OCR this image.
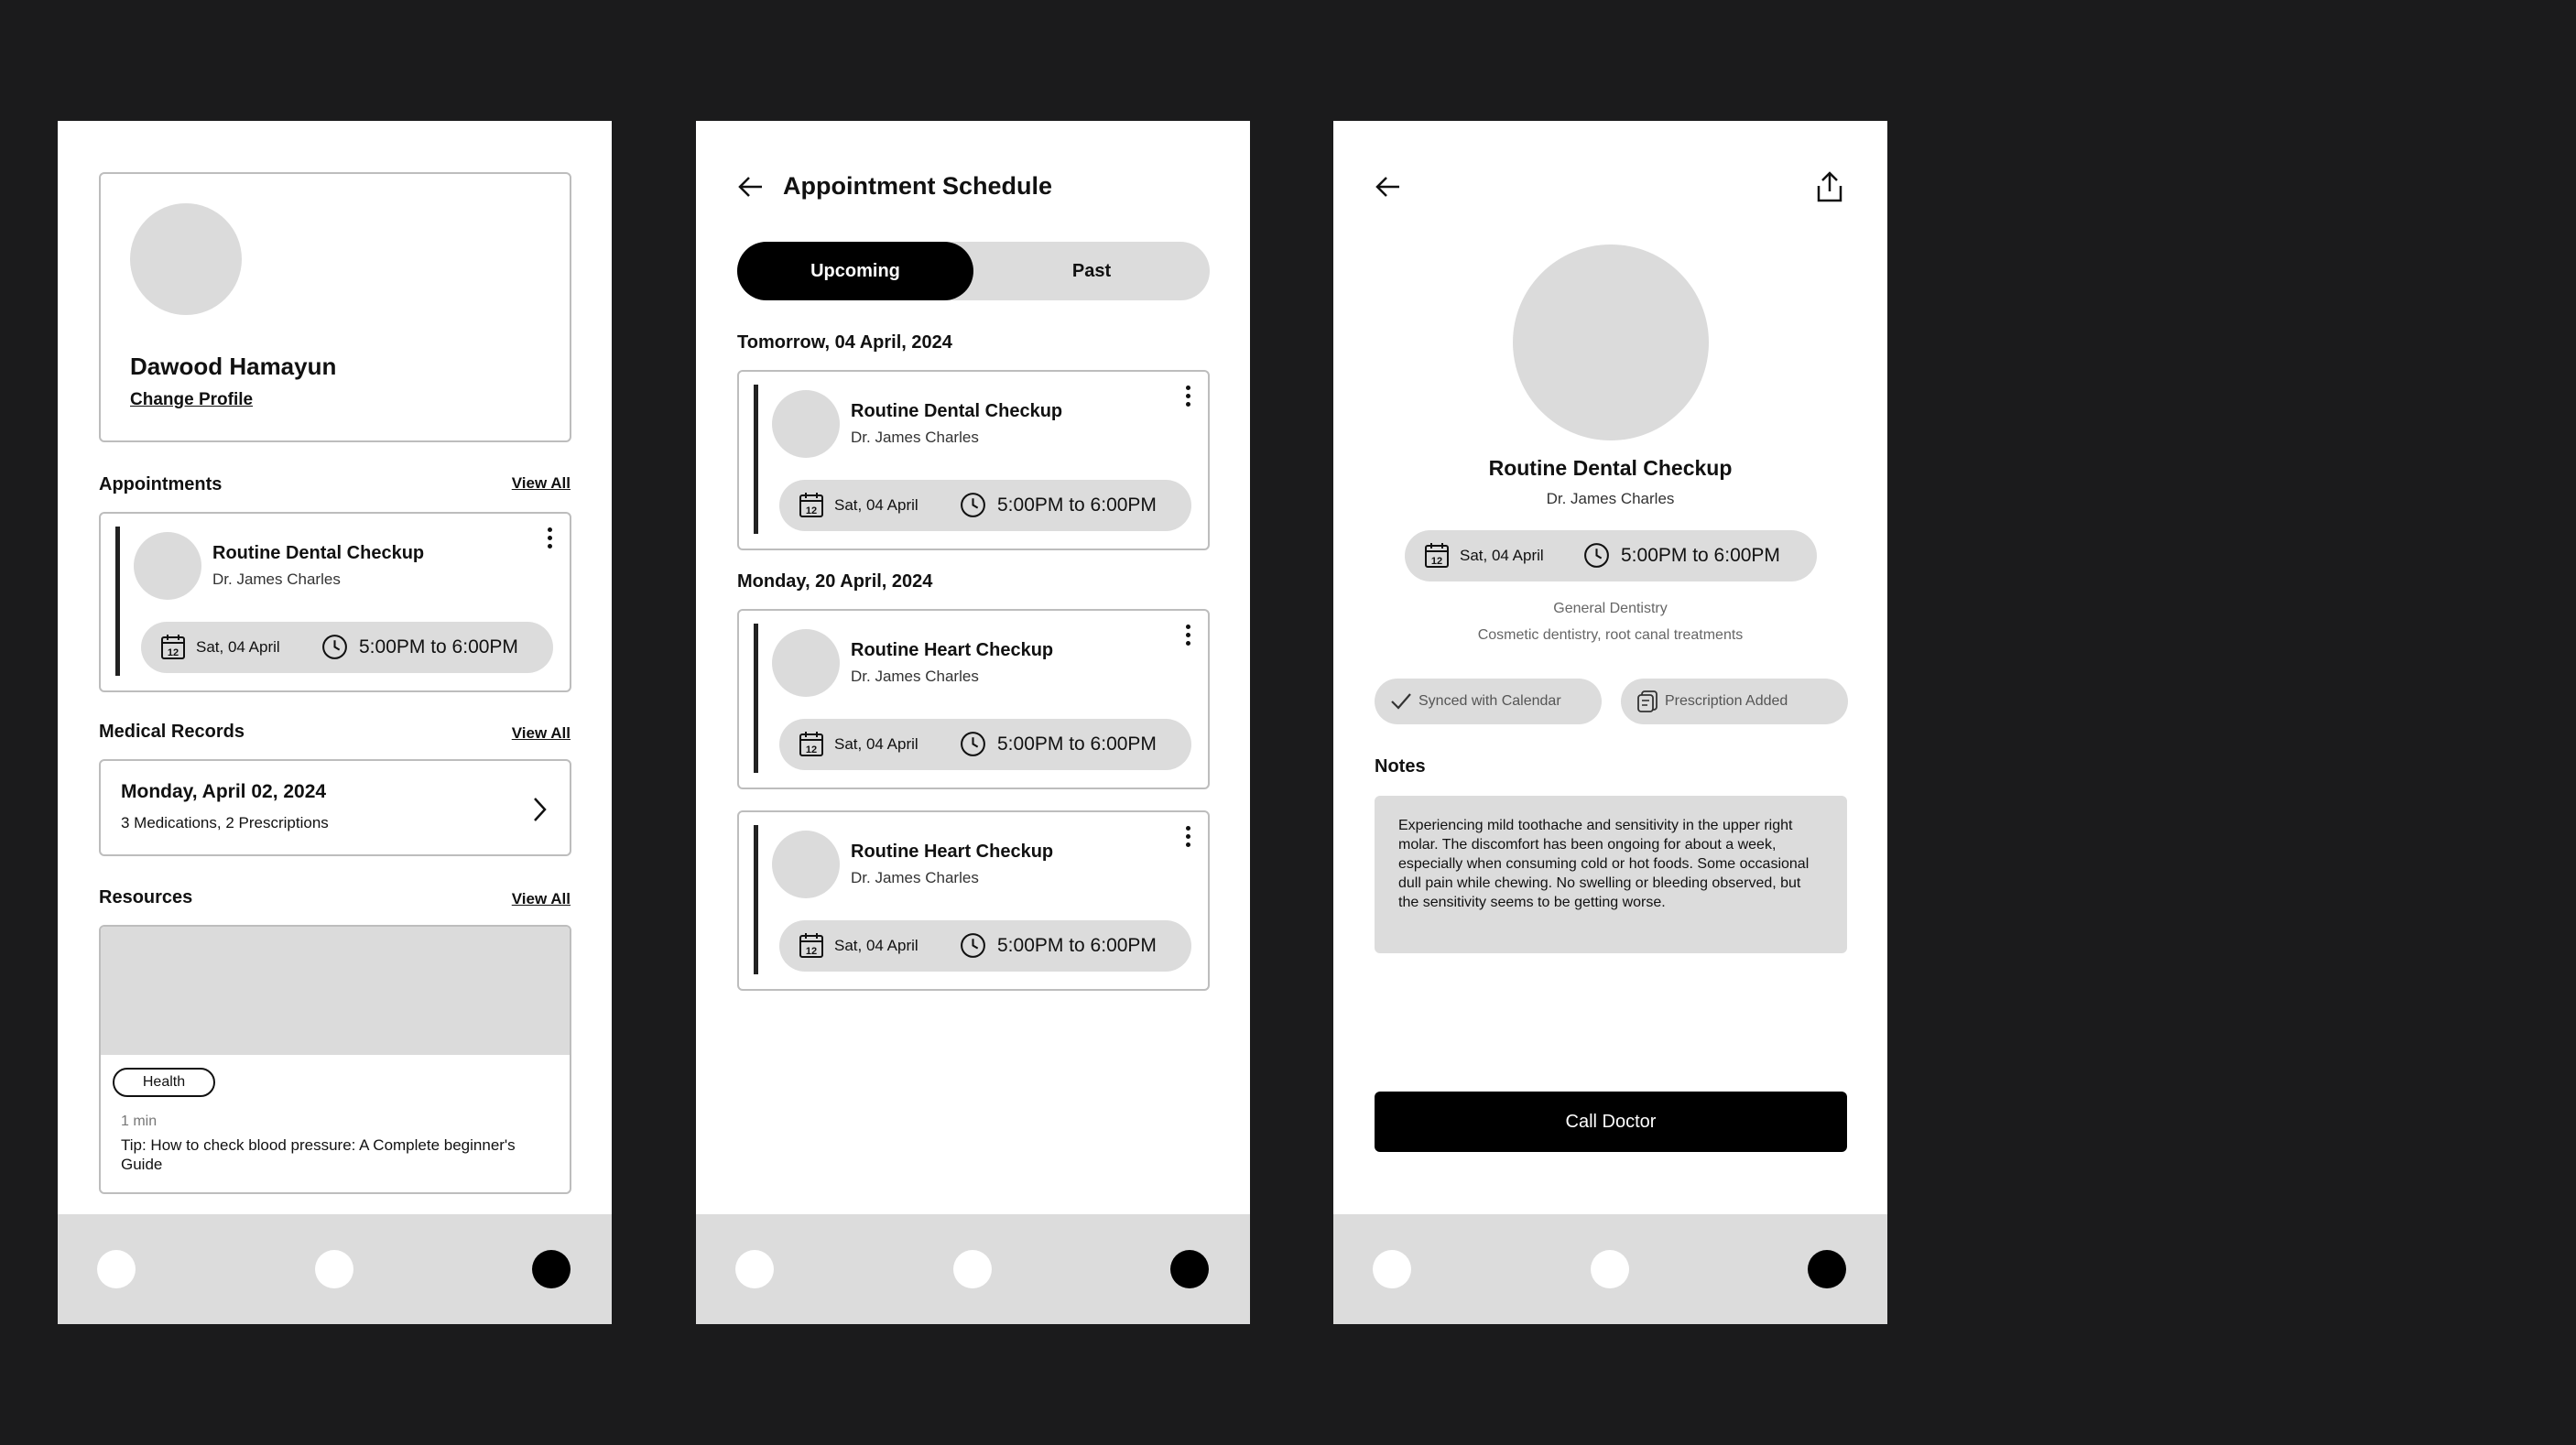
Dawood Hamayun
Change Profile
Appointments	View All
Routine Dental Checkup
Dr. James Charles
12 Sat, 04 April	5:00PM to 6:00PM
Medical Records	View All
Monday, April 02, 2024
3 Medications, 2 Prescriptions
Resources	View All
Health
1 min
Tip: How to check blood pressure: A Complete beginner's Guide
Appointment Schedule
Upcoming	Past
Tomorrow, 04 April, 2024
Routine Dental Checkup
Dr. James Charles
12 Sat, 04 April	5:00PM to 6:00PM
Monday, 20 April, 2024
Routine Heart Checkup
Dr. James Charles
12 Sat, 04 April	5:00PM to 6:00PM
Routine Heart Checkup
Dr. James Charles
12 Sat, 04 April	5:00PM to 6:00PM
Routine Dental Checkup
Dr. James Charles
12 Sat, 04 April	5:00PM to 6:00PM
General Dentistry
Cosmetic dentistry, root canal treatments
Synced with Calendar	Prescription Added
Notes
Experiencing mild toothache and sensitivity in the upper right molar. The discomfort has been ongoing for about a week, especially when consuming cold or hot foods. Some occasional dull pain while chewing. No swelling or bleeding observed, but the sensitivity seems to be getting worse.
Call Doctor
